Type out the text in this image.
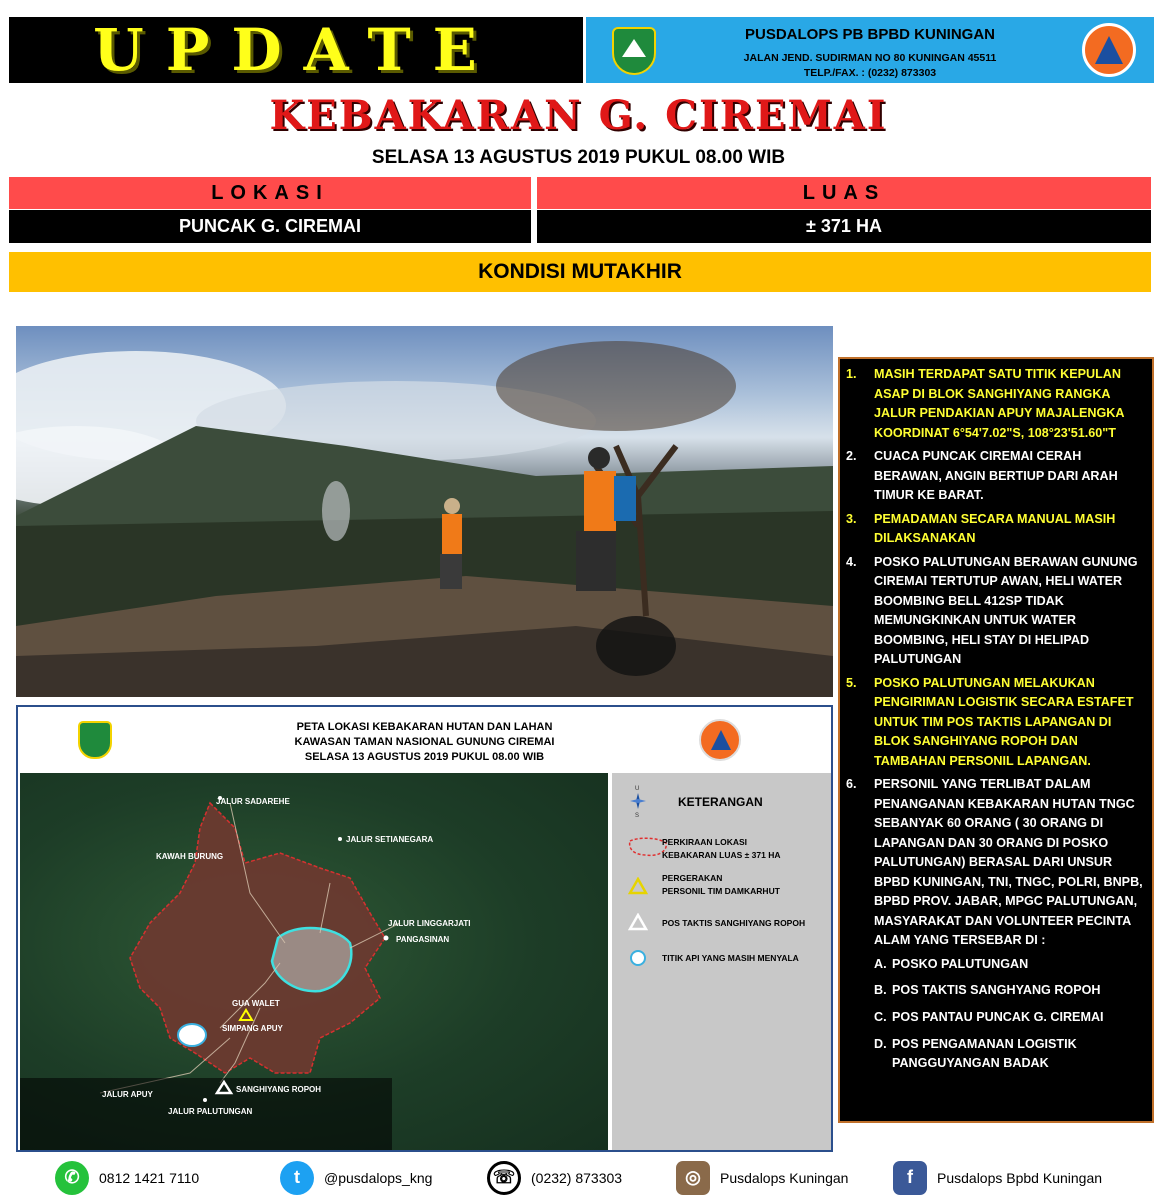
UPDATE	PUSDALOPS PB BPBD KUNINGAN
JALAN JEND. SUDIRMAN NO 80 KUNINGAN 45511
TELP./FAX. : (0232) 873303
KEBAKARAN G. CIREMAI
SELASA 13 AGUSTUS 2019 PUKUL 08.00 WIB
LOKASI	LUAS
PUNCAK G. CIREMAI	± 371 HA
KONDISI MUTAKHIR
PETA LOKASI KEBAKARAN HUTAN DAN LAHAN
KAWASAN TAMAN NASIONAL GUNUNG CIREMAI
SELASA 13 AGUSTUS 2019 PUKUL 08.00 WIB
JALUR SADAREHE
KAWAH BURUNG
JALUR SETIANEGARA
JALUR LINGGARJATI
PANGASINAN
GUA WALET
SIMPANG APUY
SANGHIYANG ROPOH
JALUR APUY
JALUR PALUTUNGAN
U
S
KETERANGAN
PERKIRAAN LOKASI
KEBAKARAN LUAS ± 371 HA
PERGERAKAN
PERSONIL TIM DAMKARHUT
POS TAKTIS SANGHIYANG ROPOH
TITIK API YANG MASIH MENYALA
1. MASIH TERDAPAT SATU TITIK KEPULAN ASAP DI BLOK SANGHIYANG RANGKA JALUR PENDAKIAN APUY MAJALENGKA KOORDINAT 6°54'7.02"S, 108°23'51.60"T
2. CUACA PUNCAK CIREMAI CERAH BERAWAN, ANGIN BERTIUP DARI ARAH TIMUR KE BARAT.
3. PEMADAMAN SECARA MANUAL MASIH DILAKSANAKAN
4. POSKO PALUTUNGAN BERAWAN GUNUNG CIREMAI TERTUTUP AWAN, HELI WATER BOOMBING BELL 412SP TIDAK MEMUNGKINKAN UNTUK WATER BOOMBING, HELI STAY DI HELIPAD PALUTUNGAN
5. POSKO PALUTUNGAN MELAKUKAN PENGIRIMAN LOGISTIK SECARA ESTAFET UNTUK TIM POS TAKTIS LAPANGAN DI BLOK SANGHIYANG ROPOH DAN TAMBAHAN PERSONIL LAPANGAN.
6. PERSONIL YANG TERLIBAT DALAM PENANGANAN KEBAKARAN HUTAN TNGC SEBANYAK 60 ORANG ( 30 ORANG DI LAPANGAN DAN 30 ORANG DI POSKO PALUTUNGAN) BERASAL DARI UNSUR BPBD KUNINGAN, TNI, TNGC, POLRI, BNPB, BPBD PROV. JABAR, MPGC PALUTUNGAN, MASYARAKAT DAN VOLUNTEER PECINTA ALAM YANG TERSEBAR DI :
A. POSKO PALUTUNGAN
B. POS TAKTIS SANGHYANG ROPOH
C. POS PANTAU PUNCAK G. CIREMAI
D. POS PENGAMANAN LOGISTIK PANGGUYANGAN BADAK
✆	0812 1421 7110	t	@pusdalops_kng	☏	(0232) 873303	◎	Pusdalops Kuningan	f	Pusdalops Bpbd Kuningan
